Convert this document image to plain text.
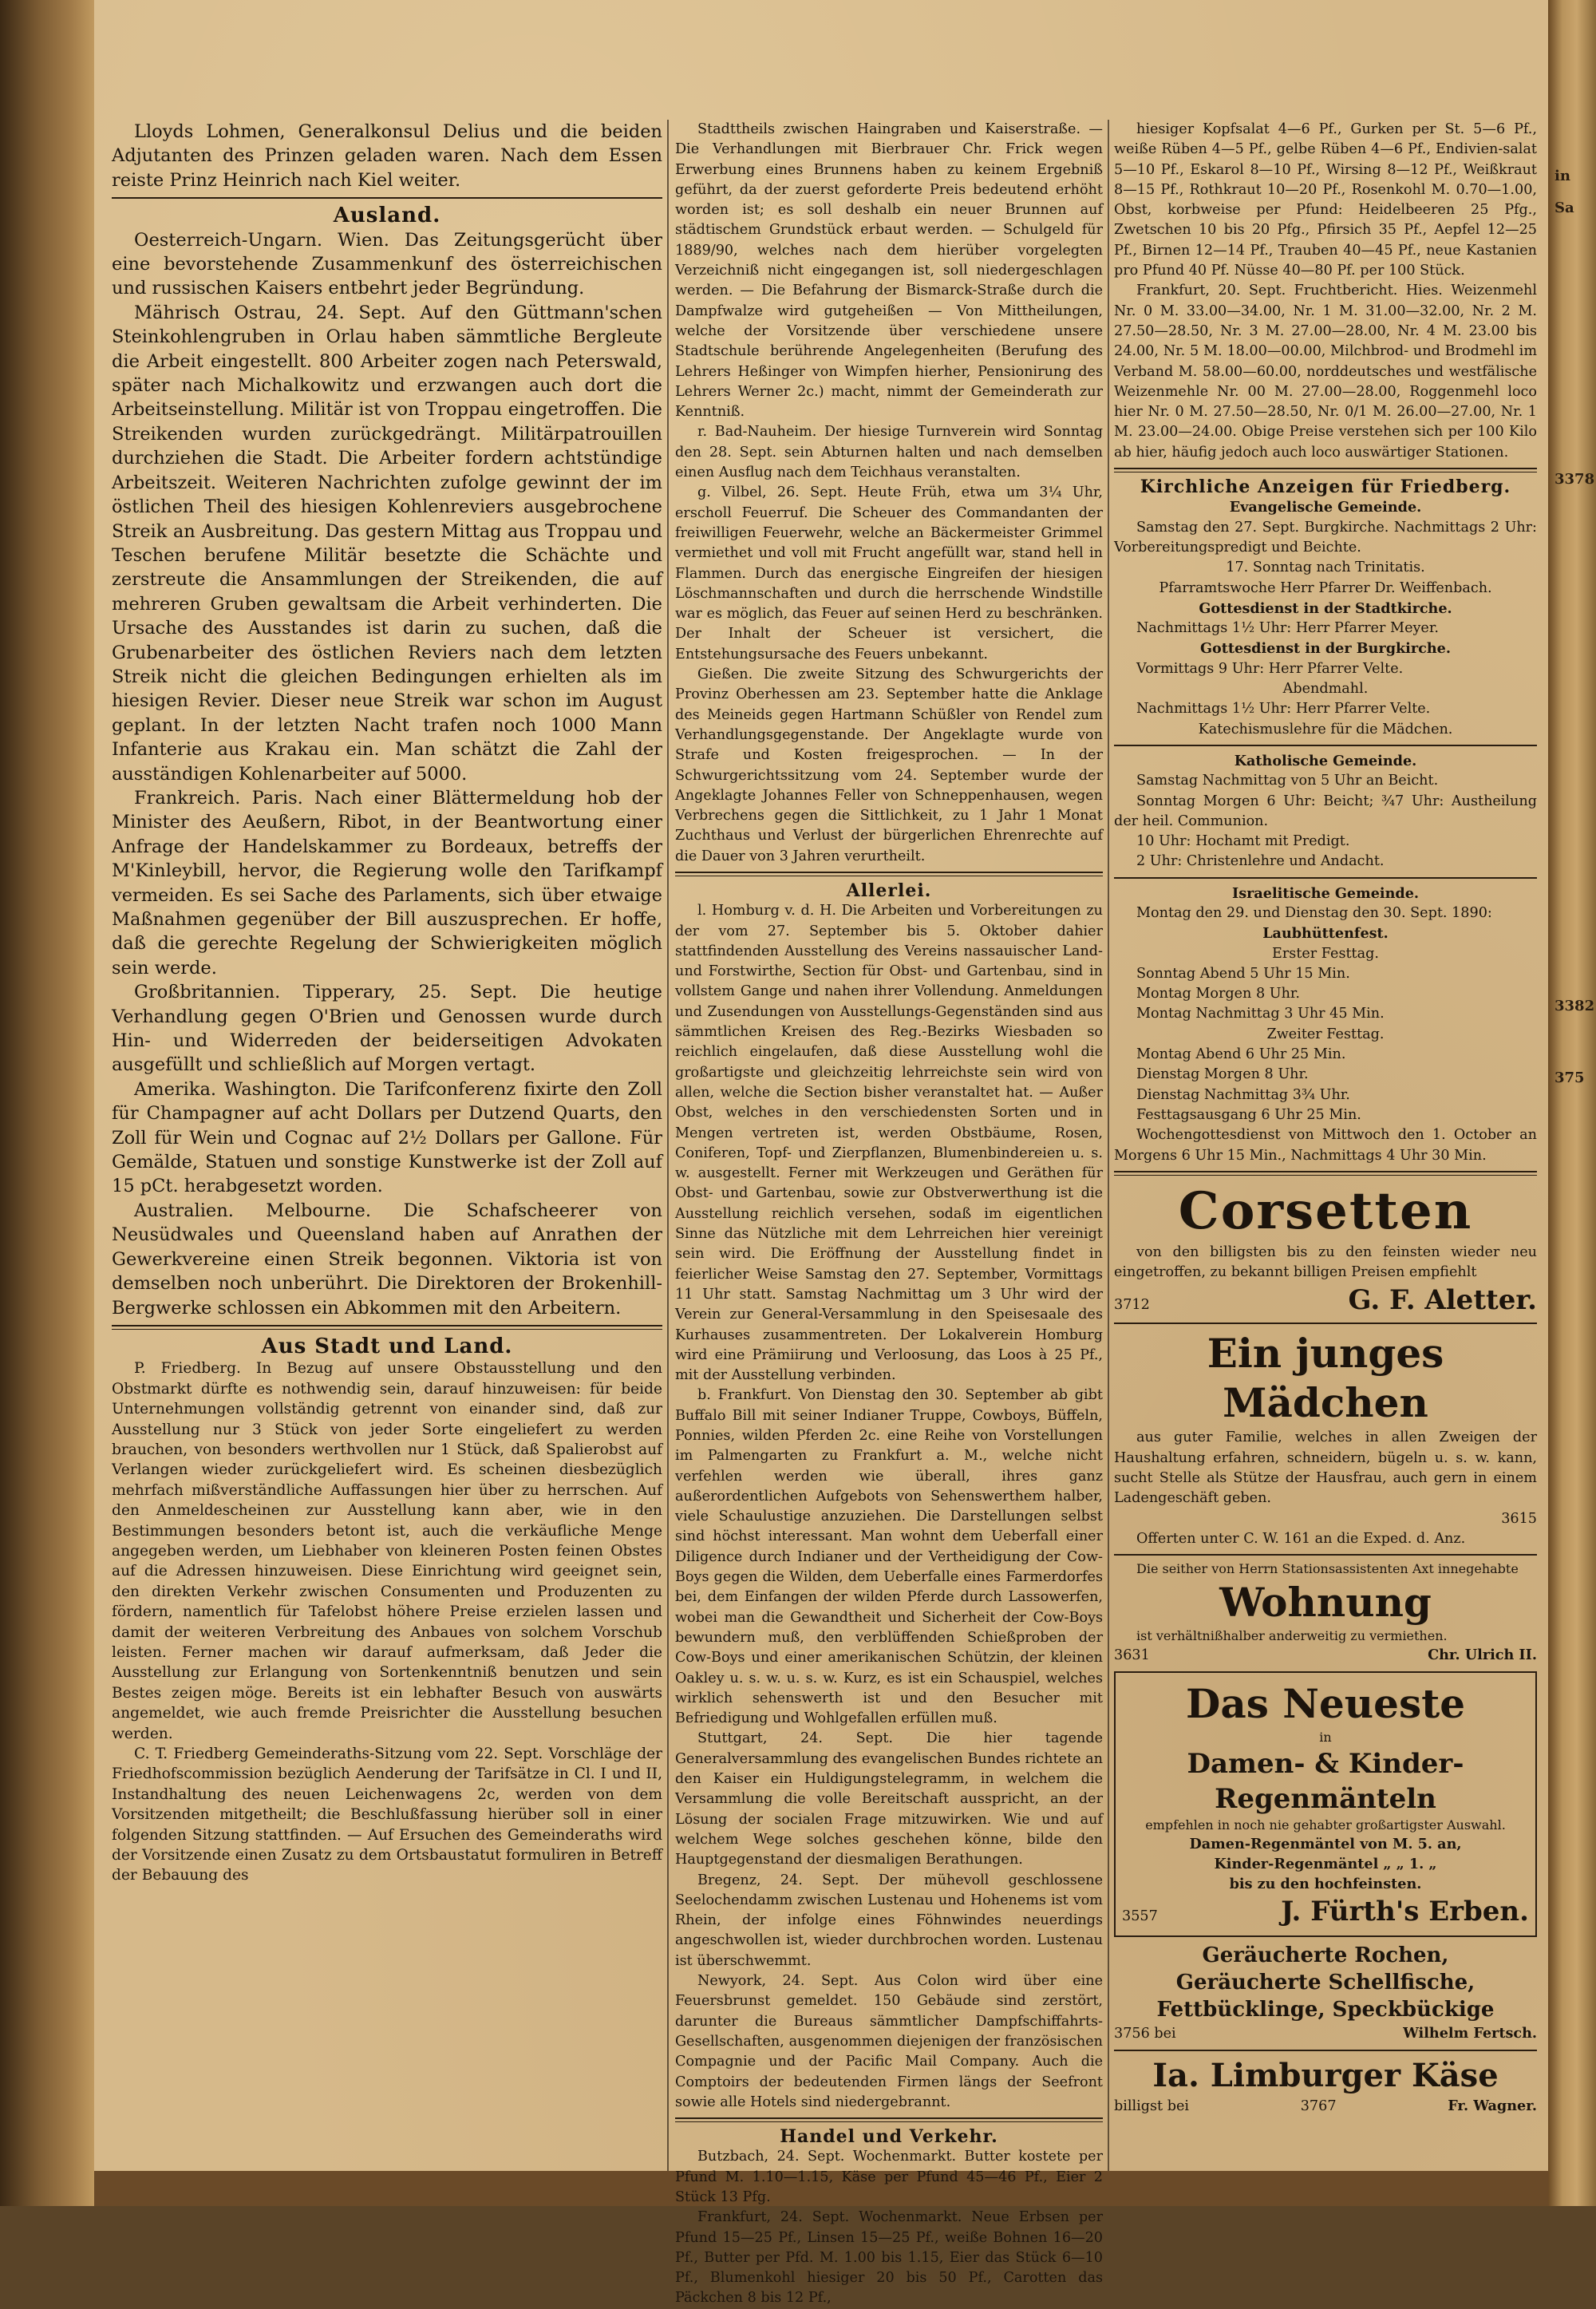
Lloyds Lohmen, Generalkonsul Delius und die beiden Adjutanten des Prinzen geladen waren. Nach dem Essen reiste Prinz Heinrich nach Kiel weiter.

Ausland.

Oesterreich-Ungarn. Wien. Das Zeitungsgerücht über eine bevorstehende Zusammenkunf des österreichischen und russischen Kaisers entbehrt jeder Begründung.

Mährisch Ostrau, 24. Sept. Auf den Güttmann'schen Steinkohlengruben in Orlau haben sämmtliche Bergleute die Arbeit eingestellt. 800 Arbeiter zogen nach Peterswald, später nach Michalkowitz und erzwangen auch dort die Arbeitseinstellung. Militär ist von Troppau eingetroffen. Die Streikenden wurden zurückgedrängt. Militärpatrouillen durchziehen die Stadt. Die Arbeiter fordern achtstündige Arbeitszeit. Weiteren Nachrichten zufolge gewinnt der im östlichen Theil des hiesigen Kohlenreviers ausgebrochene Streik an Ausbreitung. Das gestern Mittag aus Troppau und Teschen berufene Militär besetzte die Schächte und zerstreute die Ansammlungen der Streikenden, die auf mehreren Gruben gewaltsam die Arbeit verhinderten. Die Ursache des Ausstandes ist darin zu suchen, daß die Grubenarbeiter des östlichen Reviers nach dem letzten Streik nicht die gleichen Bedingungen erhielten als im hiesigen Revier. Dieser neue Streik war schon im August geplant. In der letzten Nacht trafen noch 1000 Mann Infanterie aus Krakau ein. Man schätzt die Zahl der ausständigen Kohlenarbeiter auf 5000.

Frankreich. Paris. Nach einer Blättermeldung hob der Minister des Aeußern, Ribot, in der Beantwortung einer Anfrage der Handelskammer zu Bordeaux, betreffs der M'Kinleybill, hervor, die Regierung wolle den Tarifkampf vermeiden. Es sei Sache des Parlaments, sich über etwaige Maßnahmen gegenüber der Bill auszusprechen. Er hoffe, daß die gerechte Regelung der Schwierigkeiten möglich sein werde.

Großbritannien. Tipperary, 25. Sept. Die heutige Verhandlung gegen O'Brien und Genossen wurde durch Hin- und Widerreden der beiderseitigen Advokaten ausgefüllt und schließlich auf Morgen vertagt.

Amerika. Washington. Die Tarifconferenz fixirte den Zoll für Champagner auf acht Dollars per Dutzend Quarts, den Zoll für Wein und Cognac auf 2½ Dollars per Gallone. Für Gemälde, Statuen und sonstige Kunstwerke ist der Zoll auf 15 pCt. herabgesetzt worden.

Australien. Melbourne. Die Schafscheerer von Neusüdwales und Queensland haben auf Anrathen der Gewerkvereine einen Streik begonnen. Viktoria ist von demselben noch unberührt. Die Direktoren der Brokenhill-Bergwerke schlossen ein Abkommen mit den Arbeitern.

Aus Stadt und Land.

P. Friedberg. In Bezug auf unsere Obstausstellung und den Obstmarkt dürfte es nothwendig sein, darauf hinzuweisen: für beide Unternehmungen vollständig getrennt von einander sind, daß zur Ausstellung nur 3 Stück von jeder Sorte eingeliefert zu werden brauchen, von besonders werthvollen nur 1 Stück, daß Spalierobst auf Verlangen wieder zurückgeliefert wird. Es scheinen diesbezüglich mehrfach mißverständliche Auffassungen hier über zu herrschen. Auf den Anmeldescheinen zur Ausstellung kann aber, wie in den Bestimmungen besonders betont ist, auch die verkäufliche Menge angegeben werden, um Liebhaber von kleineren Posten feinen Obstes auf die Adressen hinzuweisen. Diese Einrichtung wird geeignet sein, den direkten Verkehr zwischen Consumenten und Produzenten zu fördern, namentlich für Tafelobst höhere Preise erzielen lassen und damit der weiteren Verbreitung des Anbaues von solchem Vorschub leisten. Ferner machen wir darauf aufmerksam, daß Jeder die Ausstellung zur Erlangung von Sortenkenntniß benutzen und sein Bestes zeigen möge. Bereits ist ein lebhafter Besuch von auswärts angemeldet, wie auch fremde Preisrichter die Ausstellung besuchen werden.

C. T. Friedberg Gemeinderaths-Sitzung vom 22. Sept. Vorschläge der Friedhofscommission bezüglich Aenderung der Tarifsätze in Cl. I und II, Instandhaltung des neuen Leichenwagens 2c, werden von dem Vorsitzenden mitgetheilt; die Beschlußfassung hierüber soll in einer folgenden Sitzung stattfinden. — Auf Ersuchen des Gemeinderaths wird der Vorsitzende einen Zusatz zu dem Ortsbaustatut formuliren in Betreff der Bebauung des

Stadttheils zwischen Haingraben und Kaiserstraße. — Die Verhandlungen mit Bierbrauer Chr. Frick wegen Erwerbung eines Brunnens haben zu keinem Ergebniß geführt, da der zuerst geforderte Preis bedeutend erhöht worden ist; es soll deshalb ein neuer Brunnen auf städtischem Grundstück erbaut werden. — Schulgeld für 1889/90, welches nach dem hierüber vorgelegten Verzeichniß nicht eingegangen ist, soll niedergeschlagen werden. — Die Befahrung der Bismarck-Straße durch die Dampfwalze wird gutgeheißen — Von Mittheilungen, welche der Vorsitzende über verschiedene unsere Stadtschule berührende Angelegenheiten (Berufung des Lehrers Heßinger von Wimpfen hierher, Pensionirung des Lehrers Werner 2c.) macht, nimmt der Gemeinderath zur Kenntniß.

r. Bad-Nauheim. Der hiesige Turnverein wird Sonntag den 28. Sept. sein Abturnen halten und nach demselben einen Ausflug nach dem Teichhaus veranstalten.

g. Vilbel, 26. Sept. Heute Früh, etwa um 3¼ Uhr, erscholl Feuerruf. Die Scheuer des Commandanten der freiwilligen Feuerwehr, welche an Bäckermeister Grimmel vermiethet und voll mit Frucht angefüllt war, stand hell in Flammen. Durch das energische Eingreifen der hiesigen Löschmannschaften und durch die herrschende Windstille war es möglich, das Feuer auf seinen Herd zu beschränken. Der Inhalt der Scheuer ist versichert, die Entstehungsursache des Feuers unbekannt.

Gießen. Die zweite Sitzung des Schwurgerichts der Provinz Oberhessen am 23. September hatte die Anklage des Meineids gegen Hartmann Schüßler von Rendel zum Verhandlungsgegenstande. Der Angeklagte wurde von Strafe und Kosten freigesprochen. — In der Schwurgerichtssitzung vom 24. September wurde der Angeklagte Johannes Feller von Schneppenhausen, wegen Verbrechens gegen die Sittlichkeit, zu 1 Jahr 1 Monat Zuchthaus und Verlust der bürgerlichen Ehrenrechte auf die Dauer von 3 Jahren verurtheilt.

Allerlei.

l. Homburg v. d. H. Die Arbeiten und Vorbereitungen zu der vom 27. September bis 5. Oktober dahier stattfindenden Ausstellung des Vereins nassauischer Land- und Forstwirthe, Section für Obst- und Gartenbau, sind in vollstem Gange und nahen ihrer Vollendung. Anmeldungen und Zusendungen von Ausstellungs-Gegenständen sind aus sämmtlichen Kreisen des Reg.-Bezirks Wiesbaden so reichlich eingelaufen, daß diese Ausstellung wohl die großartigste und gleichzeitig lehrreichste sein wird von allen, welche die Section bisher veranstaltet hat. — Außer Obst, welches in den verschiedensten Sorten und in Mengen vertreten ist, werden Obstbäume, Rosen, Coniferen, Topf- und Zierpflanzen, Blumenbindereien u. s. w. ausgestellt. Ferner mit Werkzeugen und Geräthen für Obst- und Gartenbau, sowie zur Obstverwerthung ist die Ausstellung reichlich versehen, sodaß im eigentlichen Sinne das Nützliche mit dem Lehrreichen hier vereinigt sein wird. Die Eröffnung der Ausstellung findet in feierlicher Weise Samstag den 27. September, Vormittags 11 Uhr statt. Samstag Nachmittag um 3 Uhr wird der Verein zur General-Versammlung in den Speisesaale des Kurhauses zusammentreten. Der Lokalverein Homburg wird eine Prämiirung und Verloosung, das Loos à 25 Pf., mit der Ausstellung verbinden.

b. Frankfurt. Von Dienstag den 30. September ab gibt Buffalo Bill mit seiner Indianer Truppe, Cowboys, Büffeln, Ponnies, wilden Pferden 2c. eine Reihe von Vorstellungen im Palmengarten zu Frankfurt a. M., welche nicht verfehlen werden wie überall, ihres ganz außerordentlichen Aufgebots von Sehenswerthem halber, viele Schaulustige anzuziehen. Die Darstellungen selbst sind höchst interessant. Man wohnt dem Ueberfall einer Diligence durch Indianer und der Vertheidigung der Cow-Boys gegen die Wilden, dem Ueberfalle eines Farmerdorfes bei, dem Einfangen der wilden Pferde durch Lassowerfen, wobei man die Gewandtheit und Sicherheit der Cow-Boys bewundern muß, den verblüffenden Schießproben der Cow-Boys und einer amerikanischen Schützin, der kleinen Oakley u. s. w. u. s. w. Kurz, es ist ein Schauspiel, welches wirklich sehenswerth ist und den Besucher mit Befriedigung und Wohlgefallen erfüllen muß.

Stuttgart, 24. Sept. Die hier tagende Generalversammlung des evangelischen Bundes richtete an den Kaiser ein Huldigungstelegramm, in welchem die Versammlung die volle Bereitschaft ausspricht, an der Lösung der socialen Frage mitzuwirken. Wie und auf welchem Wege solches geschehen könne, bilde den Hauptgegenstand der diesmaligen Berathungen.

Bregenz, 24. Sept. Der mühevoll geschlossene Seelochendamm zwischen Lustenau und Hohenems ist vom Rhein, der infolge eines Föhnwindes neuerdings angeschwollen ist, wieder durchbrochen worden. Lustenau ist überschwemmt.

Newyork, 24. Sept. Aus Colon wird über eine Feuersbrunst gemeldet. 150 Gebäude sind zerstört, darunter die Bureaus sämmtlicher Dampfschiffahrts-Gesellschaften, ausgenommen diejenigen der französischen Compagnie und der Pacific Mail Company. Auch die Comptoirs der bedeutenden Firmen längs der Seefront sowie alle Hotels sind niedergebrannt.

Handel und Verkehr.

Butzbach, 24. Sept. Wochenmarkt. Butter kostete per Pfund M. 1.10—1.15, Käse per Pfund 45—46 Pf., Eier 2 Stück 13 Pfg.

Frankfurt, 24. Sept. Wochenmarkt. Neue Erbsen per Pfund 15—25 Pf., Linsen 15—25 Pf., weiße Bohnen 16—20 Pf., Butter per Pfd. M. 1.00 bis 1.15, Eier das Stück 6—10 Pf., Blumenkohl hiesiger 20 bis 50 Pf., Carotten das Päckchen 8 bis 12 Pf.,

hiesiger Kopfsalat 4—6 Pf., Gurken per St. 5—6 Pf., weiße Rüben 4—5 Pf., gelbe Rüben 4—6 Pf., Endivien-salat 5—10 Pf., Eskarol 8—10 Pf., Wirsing 8—12 Pf., Weißkraut 8—15 Pf., Rothkraut 10—20 Pf., Rosenkohl M. 0.70—1.00, Obst, korbweise per Pfund: Heidelbeeren 25 Pfg., Zwetschen 10 bis 20 Pfg., Pfirsich 35 Pf., Aepfel 12—25 Pf., Birnen 12—14 Pf., Trauben 40—45 Pf., neue Kastanien pro Pfund 40 Pf. Nüsse 40—80 Pf. per 100 Stück.

Frankfurt, 20. Sept. Fruchtbericht. Hies. Weizenmehl Nr. 0 M. 33.00—34.00, Nr. 1 M. 31.00—32.00, Nr. 2 M. 27.50—28.50, Nr. 3 M. 27.00—28.00, Nr. 4 M. 23.00 bis 24.00, Nr. 5 M. 18.00—00.00, Milchbrod- und Brodmehl im Verband M. 58.00—60.00, norddeutsches und westfälische Weizenmehle Nr. 00 M. 27.00—28.00, Roggenmehl loco hier Nr. 0 M. 27.50—28.50, Nr. 0/1 M. 26.00—27.00, Nr. 1 M. 23.00—24.00. Obige Preise verstehen sich per 100 Kilo ab hier, häufig jedoch auch loco auswärtiger Stationen.

Kirchliche Anzeigen für Friedberg.

Evangelische Gemeinde.

Samstag den 27. Sept. Burgkirche. Nachmittags 2 Uhr: Vorbereitungspredigt und Beichte.

17. Sonntag nach Trinitatis.

Pfarramtswoche Herr Pfarrer Dr. Weiffenbach.

Gottesdienst in der Stadtkirche.

Nachmittags 1½ Uhr: Herr Pfarrer Meyer.

Gottesdienst in der Burgkirche.

Vormittags 9 Uhr: Herr Pfarrer Velte.

Abendmahl.

Nachmittags 1½ Uhr: Herr Pfarrer Velte.

Katechismuslehre für die Mädchen.

Katholische Gemeinde.

Samstag Nachmittag von 5 Uhr an Beicht.

Sonntag Morgen 6 Uhr: Beicht; ¾7 Uhr: Austheilung der heil. Communion.

10 Uhr: Hochamt mit Predigt.

2 Uhr: Christenlehre und Andacht.

Israelitische Gemeinde.

Montag den 29. und Dienstag den 30. Sept. 1890:

Laubhüttenfest.

Erster Festtag.

Sonntag Abend 5 Uhr 15 Min.

Montag Morgen 8 Uhr.

Montag Nachmittag 3 Uhr 45 Min.

Zweiter Festtag.

Montag Abend 6 Uhr 25 Min.

Dienstag Morgen 8 Uhr.

Dienstag Nachmittag 3¾ Uhr.

Festtagsausgang 6 Uhr 25 Min.

Wochengottesdienst von Mittwoch den 1. October an Morgens 6 Uhr 15 Min., Nachmittags 4 Uhr 30 Min.

Corsetten

von den billigsten bis zu den feinsten wieder neu eingetroffen, zu bekannt billigen Preisen empfiehlt

3712	G. F. Aletter.
Ein junges Mädchen

aus guter Familie, welches in allen Zweigen der Haushaltung erfahren, schneidern, bügeln u. s. w. kann, sucht Stelle als Stütze der Hausfrau, auch gern in einem Ladengeschäft geben.

3615

Offerten unter C. W. 161 an die Exped. d. Anz.

Die seither von Herrn Stationsassistenten Axt innegehabte

Wohnung

ist verhältnißhalber anderweitig zu vermiethen.

3631	Chr. Ulrich II.
Das Neueste
in
Damen- & Kinder-
Regenmänteln
empfehlen in noch nie gehabter großartigster Auswahl.
Damen-Regenmäntel von M. 5. an,
Kinder-Regenmäntel „ „ 1. „
bis zu den hochfeinsten.
3557	J. Fürth's Erben.
Geräucherte Rochen,
Geräucherte Schellfische,
Fettbücklinge, Speckbückige
3756 bei	Wilhelm Fertsch.
Ia. Limburger Käse
billigst bei	3767	Fr. Wagner.
in
Sa
3378
3382
375
